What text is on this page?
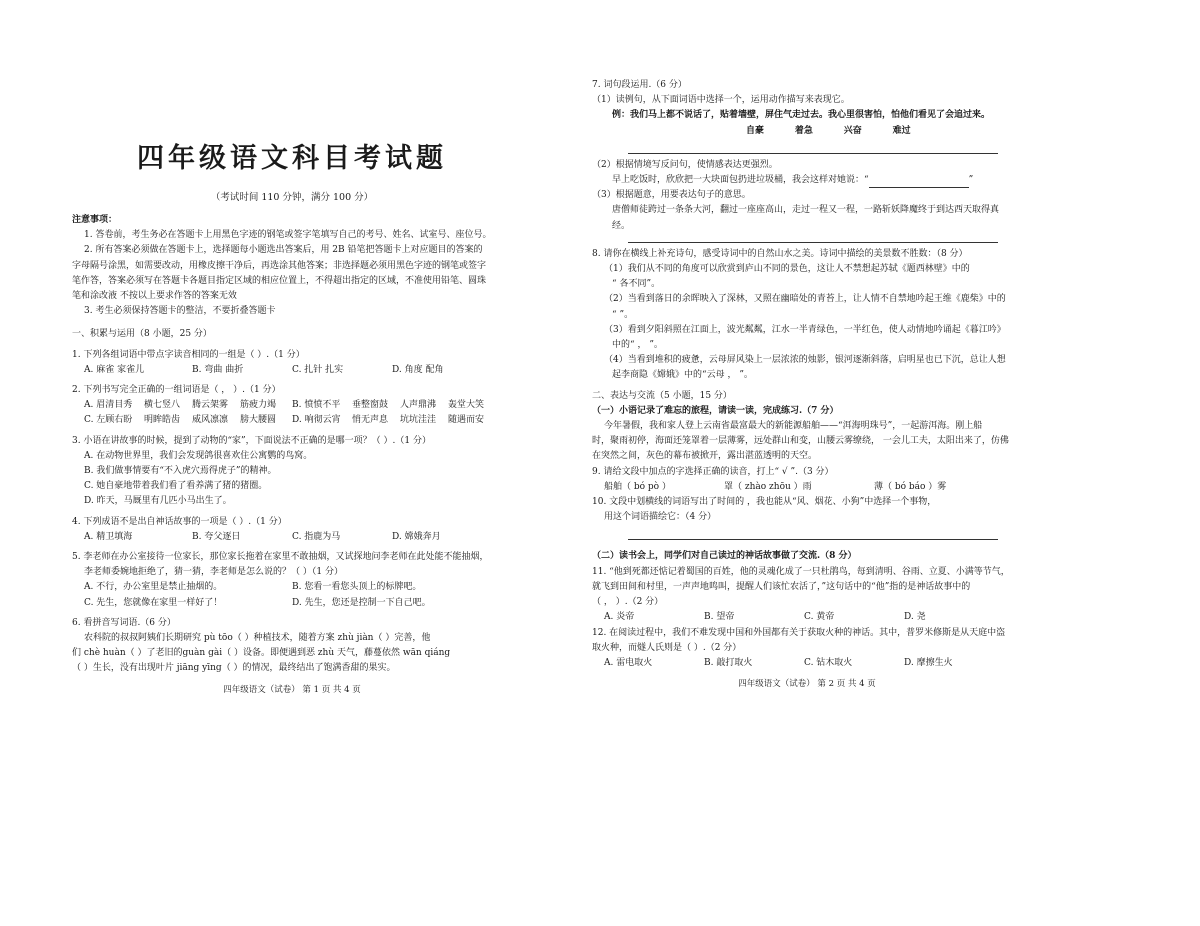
四年级语文科目考试题
（考试时间 110 分钟，满分 100 分）
注意事项：
1. 答卷前，考生务必在答题卡上用黑色字迹的钢笔或签字笔填写自己的考号、姓名、试室号、座位号。
2. 所有答案必须做在答题卡上，选择题每小题选出答案后，用 2B 铅笔把答题卡上对应题目的答案的
字母隔号涂黑，如需要改动，用橡皮擦干净后，再选涂其他答案；非选择题必须用黑色字迹的钢笔或签字
笔作答，答案必须写在答题卡各题目指定区域的相应位置上，不得超出指定的区域，不准使用铅笔、圆珠
笔和涂改液 不按以上要求作答的答案无效
3. 考生必须保持答题卡的整洁，不要折叠答题卡
一、积累与运用（8 小题，25 分）
1. 下列各组词语中带点字读音相同的一组是（ ）.（1 分）
A. 麻雀 家雀儿	B. 弯曲 曲折	C. 扎针 扎实	D. 角度 配角
2. 下列书写完全正确的一组词语是（ ， ）.（1 分）
A. 眉清目秀	横七竖八	腾云架雾	筋疲力竭	B. 愤愤不平	垂整窗鼓	人声鼎沸	轰堂大笑
C. 左顾右盼	明眸皓齿	威风凛凛	膀大腰圆	D. 响彻云宵	悄无声息	坑坑洼洼	随遇而安
3. 小语在讲故事的时候，提到了动物的“家”，下面说法不正确的是哪一项？（ ）.（1 分）
A. 在动物世界里，我们会发现鸽很喜欢住公寓鹦的鸟窝。
B. 我们做事情要有“不入虎穴焉得虎子”的精神。
C. 她自豪地带着我们看了看养满了猪的猪圈。
D. 昨天，马厩里有几匹小马出生了。
4. 下列成语不是出自神话故事的一项是（ ）.（1 分）
A. 精卫填海	B. 夸父逐日	C. 指鹿为马	D. 嫦娥奔月
5. 李老师在办公室接待一位家长，那位家长拖着在家里不敢抽烟，又试探地问李老师在此处能不能抽烟，
李老师委婉地拒绝了，猜一猜，李老师是怎么说的？（ ）（1 分）
A. 不行，办公室里是禁止抽烟的。	B. 您看一看您头顶上的标牌吧。
C. 先生，您就像在家里一样好了！	D. 先生，您还是控制一下自己吧。
6. 看拼音写词语.（6 分）
农科院的叔叔阿姨们长期研究 pù tōo（ ）种植技术，随着方案 zhù jiàn（ ）完善，他
们 chè huàn（ ）了老旧的guàn gài（ ）设备。即便遇到恶 zhù 天气，藤蔓依然 wān qiáng
（ ）生长，没有出现叶片 jiāng yīng（ ）的情况，最终结出了饱满香甜的果实。
四年级语文（试卷） 第 1 页 共 4 页
7. 词句段运用.（6 分）
（1）读例句，从下面词语中选择一个，运用动作描写来表现它。
例：我们马上都不说话了，贴着墙壁，屏住气走过去。我心里很害怕，怕他们看见了会追过来。
自豪	着急	兴奋	难过
（2）根据情境写反问句，使情感表达更强烈。
早上吃饭时，欣欣把一大块面包扔进垃圾桶，我会这样对她说：“	”
（3）根据题意，用要表达句子的意思。
唐僧师徒跨过一条条大河，翻过一座座高山，走过一程又一程，一路斩妖降魔终于到达西天取得真
经。
8. 请你在横线上补充诗句，感受诗词中的自然山水之美。诗词中描绘的美景数不胜数：（8 分）
（1）我们从不同的角度可以欣赏到庐山不同的景色，这让人不禁想起苏轼《题西林壁》中的
“ 各不同”。
（2）当看到落日的余晖映入了深林，又照在幽暗处的青苔上，让人情不自禁地吟起王维《鹿柴》中的
“ ”。
（3）看到夕阳斜照在江面上，波光粼粼，江水一半青绿色，一半红色，使人动情地吟诵起《暮江吟》
中的“ ， ”。
（4）当看到堆积的疲惫，云母屏风染上一层浓浓的烛影，银河逐渐斜落，启明星也已下沉，总让人想
起李商隐《嫦娥》中的“云母 ， ”。
二、表达与交流（5 小题，15 分）
（一）小语记录了难忘的旅程，请读一读，完成练习.（7 分）
今年暑假，我和家人登上云南省最富最大的新能源船舶——“洱海明珠号”，一起游洱海。刚上船
时，聚雨初停，海面还笼罩着一层薄雾，远处群山和变，山腰云雾缭绕， 一会儿工夫，太阳出来了，仿佛
在突然之间，灰色的幕布被掀开，露出湛蓝透明的天空。
9. 请给文段中加点的字选择正确的读音，打上“ √ ”.（3 分）
船舶（ bó pò ）	罩（ zhào zhōu ）雨	薄（ bó báo ）雾
10. 文段中划横线的词语写出了时间的 ，我也能从“风、烟花、小狗”中选择一个事物，
用这个词语描绘它：（4 分）
（二）读书会上，同学们对自己读过的神话故事做了交流.（8 分）
11. “他到死都还惦记着蜀国的百姓，他的灵魂化成了一只杜鹃鸟，每到清明、谷雨、立夏、小满等节气，
就飞到田间和村里，一声声地鸣叫，提醒人们该忙农活了，”这句话中的“他”指的是神话故事中的
（ ， ）.（2 分）
A. 炎帝	B. 望帝	C. 黄帝	D. 尧
12. 在阅读过程中，我们不难发现中国和外国都有关于获取火种的神话。其中，普罗米修斯是从天庭中盗
取火种，而燧人氏则是（ ）.（2 分）
A. 雷电取火	B. 敲打取火	C. 钻木取火	D. 摩擦生火
四年级语文（试卷） 第 2 页 共 4 页
